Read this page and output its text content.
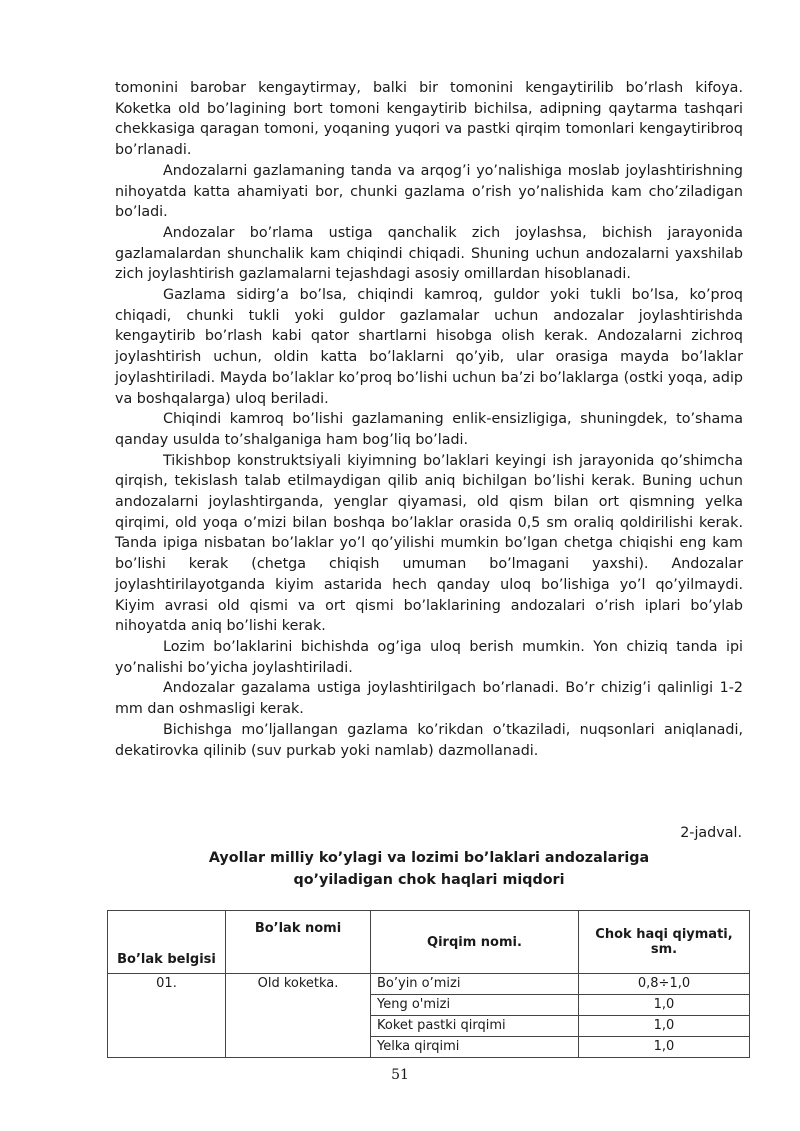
tomonini barobar kengaytirmay, balki bir tomonini kengaytirilib bo’rlash kifoya. Koketka old bo’lagining bort tomoni kengaytirib bichilsa, adipning qaytarma tashqari chekkasiga qaragan tomoni, yoqaning yuqori va pastki qirqim tomonlari kengaytiribroq bo’rlanadi.

Andozalarni gazlamaning tanda va arqog’i yo’nalishiga moslab joylashtirishning nihoyatda katta ahamiyati bor, chunki gazlama o’rish yo’nalishida kam cho’ziladigan bo’ladi.

Andozalar bo’rlama ustiga qanchalik zich joylashsa, bichish jarayonida gazlamalardan shunchalik kam chiqindi chiqadi. Shuning uchun andozalarni yaxshilab zich joylashtirish gazlamalarni tejashdagi asosiy omillardan hisoblanadi.

Gazlama sidirg’a bo’lsa, chiqindi kamroq, guldor yoki tukli bo’lsa, ko’proq chiqadi, chunki tukli yoki guldor gazlamalar uchun andozalar joylashtirishda kengaytirib bo’rlash kabi qator shartlarni hisobga olish kerak. Andozalarni zichroq joylashtirish uchun, oldin katta bo’laklarni qo’yib, ular orasiga mayda bo’laklar joylashtiriladi. Mayda bo’laklar ko’proq bo’lishi uchun ba’zi bo’laklarga (ostki yoqa, adip va boshqalarga) uloq beriladi.

Chiqindi kamroq bo’lishi gazlamaning enlik-ensizligiga, shuningdek, to’shama qanday usulda to’shalganiga ham bog’liq bo’ladi.

Tikishbop konstruktsiyali kiyimning bo’laklari keyingi ish jarayonida qo’shimcha qirqish, tekislash talab etilmaydigan qilib aniq bichilgan bo’lishi kerak. Buning uchun andozalarni joylashtirganda, yenglar qiyamasi, old qism bilan ort qismning yelka qirqimi, old yoqa o’mizi bilan boshqa bo’laklar orasida 0,5 sm oraliq qoldirilishi kerak. Tanda ipiga nisbatan bo’laklar yo’l qo’yilishi mumkin bo’lgan chetga chiqishi eng kam bo’lishi kerak (chetga chiqish umuman bo’lmagani yaxshi). Andozalar joylashtirilayotganda kiyim astarida hech qanday uloq bo’lishiga yo’l qo’yilmaydi. Kiyim avrasi old qismi va ort qismi bo’laklarining andozalari o’rish iplari bo’ylab nihoyatda aniq bo’lishi kerak.

Lozim bo’laklarini bichishda og’iga uloq berish mumkin. Yon chiziq tanda ipi yo’nalishi bo’yicha joylashtiriladi.

Andozalar gazalama ustiga joylashtirilgach bo’rlanadi. Bo’r chizig’i qalinligi 1-2 mm dan oshmasligi kerak.

Bichishga mo’ljallangan gazlama ko’rikdan o’tkaziladi, nuqsonlari aniqlanadi, dekatirovka qilinib (suv purkab yoki namlab) dazmollanadi.

2-jadval.
Ayollar milliy ko’ylagi va lozimi bo’laklari andozalariga
qo’yiladigan chok haqlari miqdori
Bo’lak belgisi	Bo’lak nomi	Qirqim nomi.	Chok haqi qiymati, sm.
01.	Old koketka.	Bo’yin o’mizi	0,8÷1,0
		Yeng o'mizi	1,0
		Koket pastki qirqimi	1,0
		Yelka qirqimi	1,0
51
